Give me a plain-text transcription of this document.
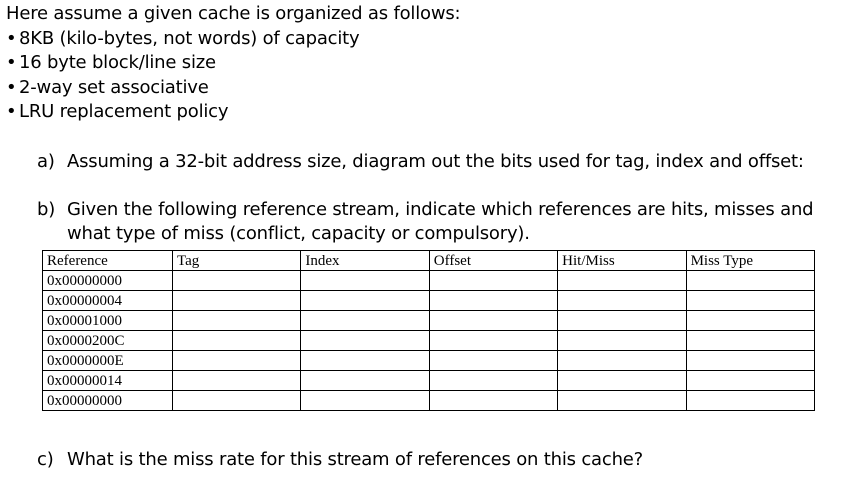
Here assume a given cache is organized as follows:
• 8KB (kilo-bytes, not words) of capacity
• 16 byte block/line size
• 2-way set associative
• LRU replacement policy
a) Assuming a 32-bit address size, diagram out the bits used for tag, index and offset:
b) Given the following reference stream, indicate which references are hits, misses and what type of miss (conflict, capacity or compulsory).
Reference	Tag	Index	Offset	Hit/Miss	Miss Type
0x00000000					
0x00000004					
0x00001000					
0x0000200C					
0x0000000E					
0x00000014					
0x00000000					
c) What is the miss rate for this stream of references on this cache?
